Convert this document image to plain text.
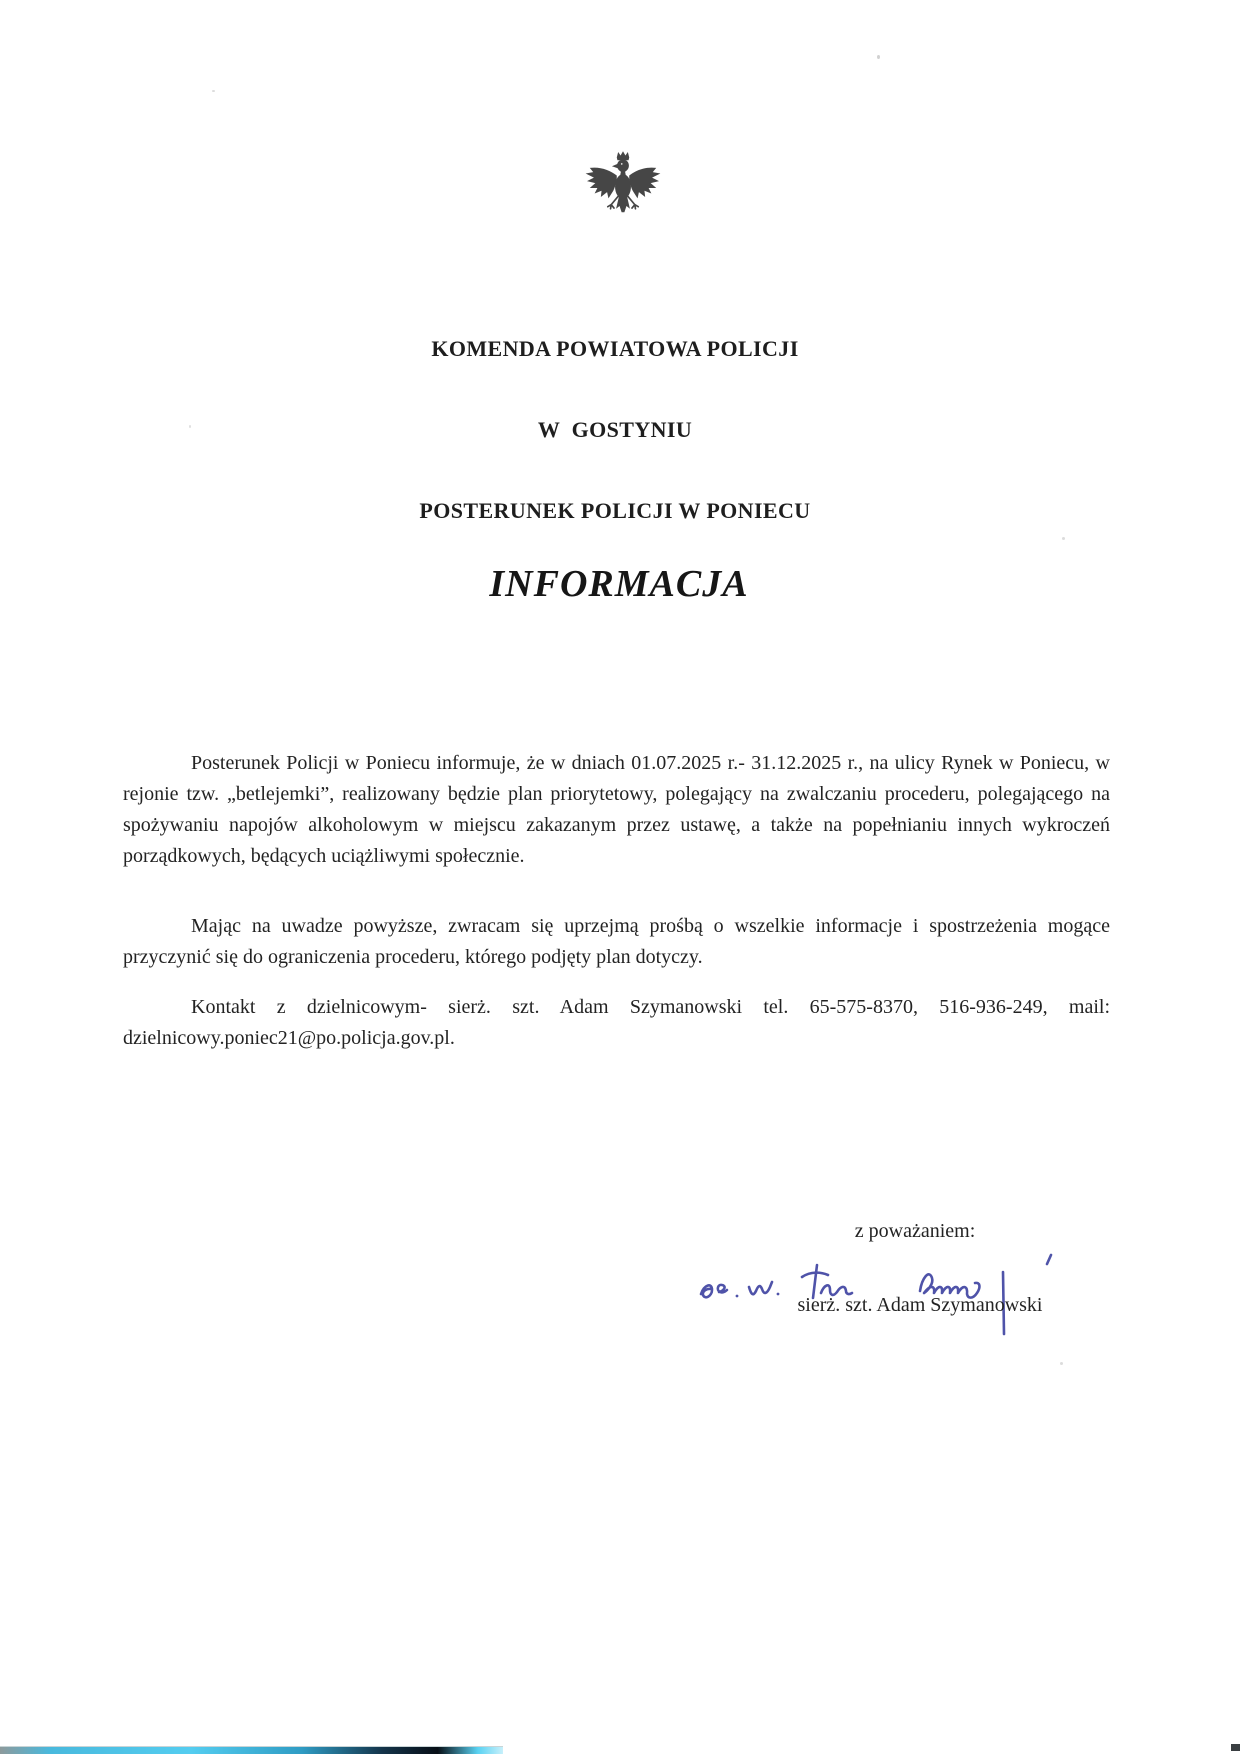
KOMENDA POWIATOWA POLICJI

W  GOSTYNIU

POSTERUNEK POLICJI W PONIECU

INFORMACJA

Posterunek Policji w Poniecu informuje, że w dniach 01.07.2025 r.- 31.12.2025 r., na ulicy Rynek w Poniecu, w rejonie tzw. „betlejemki”, realizowany będzie plan priorytetowy, polegający na zwalczaniu procederu, polegającego na spożywaniu napojów alkoholowym w miejscu zakazanym przez ustawę, a także na popełnianiu innych wykroczeń porządkowych, będących uciążliwymi społecznie.

Mając na uwadze powyższe, zwracam się uprzejmą prośbą o wszelkie informacje i spostrzeżenia mogące przyczynić się do ograniczenia procederu, którego podjęty plan dotyczy.

Kontakt z dzielnicowym- sierż. szt. Adam Szymanowski tel. 65-575-8370, 516-936-249, mail: dzielnicowy.poniec21@po.policja.gov.pl.

z poważaniem:
sierż. szt. Adam Szymanowski
